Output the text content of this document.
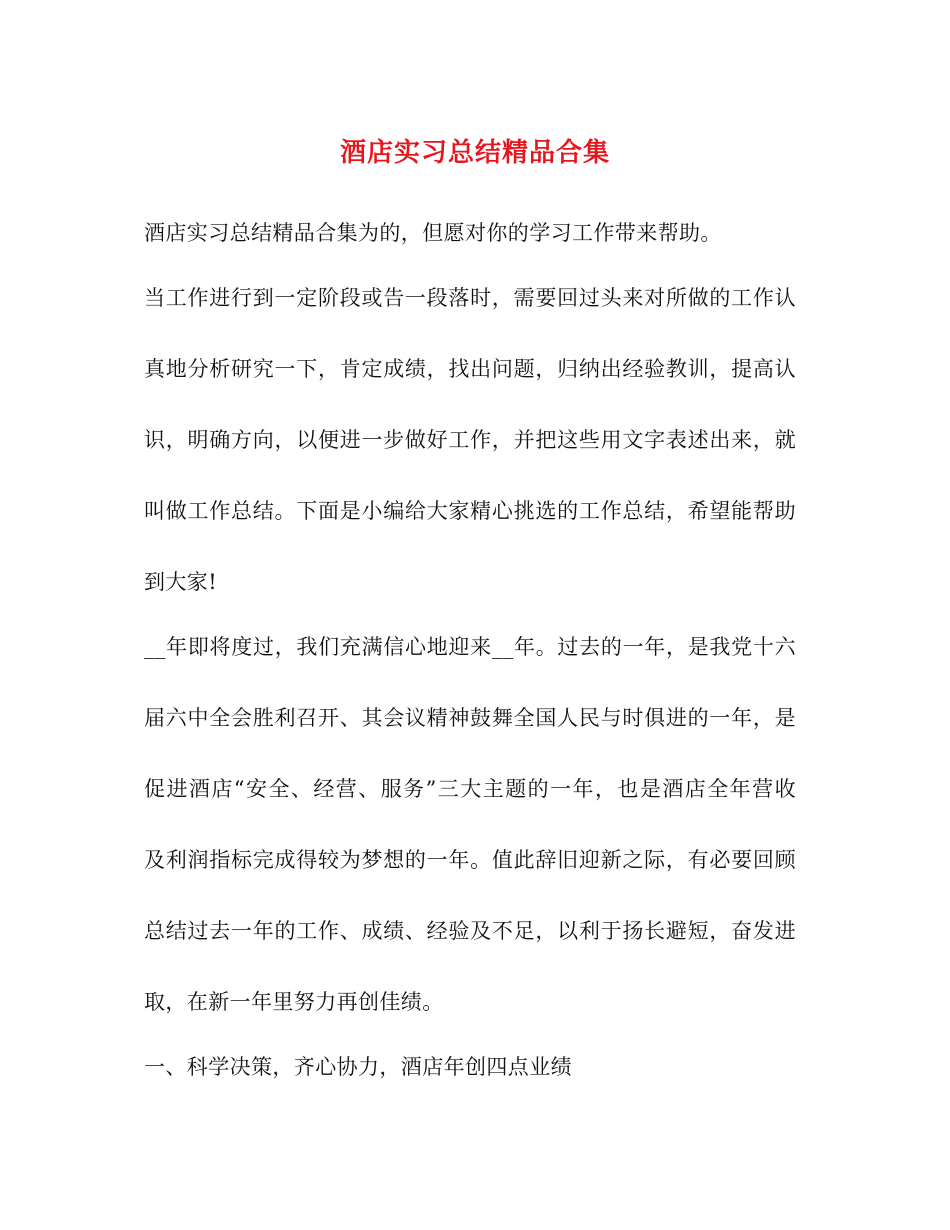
酒店实习总结精品合集
酒店实习总结精品合集为的，但愿对你的学习工作带来帮助。
当工作进行到一定阶段或告一段落时，需要回过头来对所做的工作认
真地分析研究一下，肯定成绩，找出问题，归纳出经验教训，提高认
识，明确方向，以便进一步做好工作，并把这些用文字表述出来，就
叫做工作总结。下面是小编给大家精心挑选的工作总结，希望能帮助
到大家!
__年即将度过，我们充满信心地迎来__年。过去的一年，是我党十六
届六中全会胜利召开、其会议精神鼓舞全国人民与时俱进的一年，是
促进酒店“安全、经营、服务”三大主题的一年，也是酒店全年营收
及利润指标完成得较为梦想的一年。值此辞旧迎新之际，有必要回顾
总结过去一年的工作、成绩、经验及不足，以利于扬长避短，奋发进
取，在新一年里努力再创佳绩。
一、科学决策，齐心协力，酒店年创四点业绩
